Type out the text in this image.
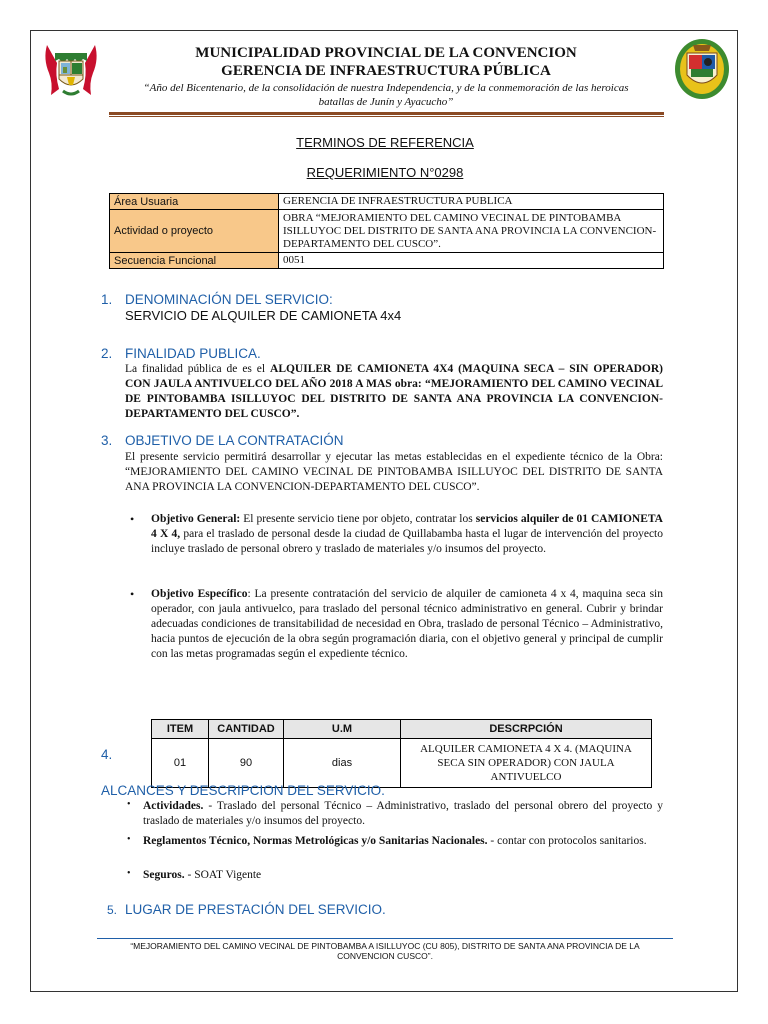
MUNICIPALIDAD PROVINCIAL DE LA CONVENCION
GERENCIA DE INFRAESTRUCTURA PÚBLICA
“Año del Bicentenario, de la consolidación de nuestra Independencia, y de la conmemoración de las heroicas batallas de Junín y Ayacucho”
TERMINOS DE REFERENCIA
REQUERIMIENTO N°0298
Área Usuaria	GERENCIA DE INFRAESTRUCTURA PUBLICA
Actividad o proyecto	OBRA “MEJORAMIENTO DEL CAMINO VECINAL DE PINTOBAMBA ISILLUYOC DEL DISTRITO DE SANTA ANA PROVINCIA LA CONVENCION-DEPARTAMENTO DEL CUSCO”.
Secuencia Funcional	0051
1. DENOMINACIÓN DEL SERVICIO:
SERVICIO DE ALQUILER DE CAMIONETA 4x4
2. FINALIDAD PUBLICA.
La finalidad pública de es el ALQUILER DE CAMIONETA 4X4 (MAQUINA SECA – SIN OPERADOR) CON JAULA ANTIVUELCO DEL AÑO 2018 A MAS obra: “MEJORAMIENTO DEL CAMINO VECINAL DE PINTOBAMBA ISILLUYOC DEL DISTRITO DE SANTA ANA PROVINCIA LA CONVENCION-DEPARTAMENTO DEL CUSCO”.
3. OBJETIVO DE LA CONTRATACIÓN
El presente servicio permitirá desarrollar y ejecutar las metas establecidas en el expediente técnico de la Obra: “MEJORAMIENTO DEL CAMINO VECINAL DE PINTOBAMBA ISILLUYOC DEL DISTRITO DE SANTA ANA PROVINCIA LA CONVENCION-DEPARTAMENTO DEL CUSCO”.
• Objetivo General: El presente servicio tiene por objeto, contratar los servicios alquiler de 01 CAMIONETA 4 X 4, para el traslado de personal desde la ciudad de Quillabamba hasta el lugar de intervención del proyecto incluye traslado de personal obrero y traslado de materiales y/o insumos del proyecto.
• Objetivo Específico: La presente contratación del servicio de alquiler de camioneta 4 x 4, maquina seca sin operador, con jaula antivuelco, para traslado del personal técnico administrativo en general. Cubrir y brindar adecuadas condiciones de transitabilidad de necesidad en Obra, traslado de personal Técnico – Administrativo, hacia puntos de ejecución de la obra según programación diaria, con el objetivo general y principal de cumplir con las metas programadas según el expediente técnico.
ITEM	CANTIDAD	U.M	DESCRPCIÓN
01	90	dias	ALQUILER CAMIONETA 4 X 4. (MAQUINA SECA SIN OPERADOR) CON JAULA ANTIVUELCO
4.
ALCANCES Y DESCRIPCION DEL SERVICIO.
• Actividades. - Traslado del personal Técnico – Administrativo, traslado del personal obrero del proyecto y traslado de materiales y/o insumos del proyecto.
• Reglamentos Técnico, Normas Metrológicas y/o Sanitarias Nacionales. - contar con protocolos sanitarios.
• Seguros. - SOAT Vigente
5. LUGAR DE PRESTACIÓN DEL SERVICIO.
“MEJORAMIENTO DEL CAMINO VECINAL DE PINTOBAMBA A ISILLUYOC (CU 805), DISTRITO DE SANTA ANA PROVINCIA DE LA CONVENCION CUSCO”.
